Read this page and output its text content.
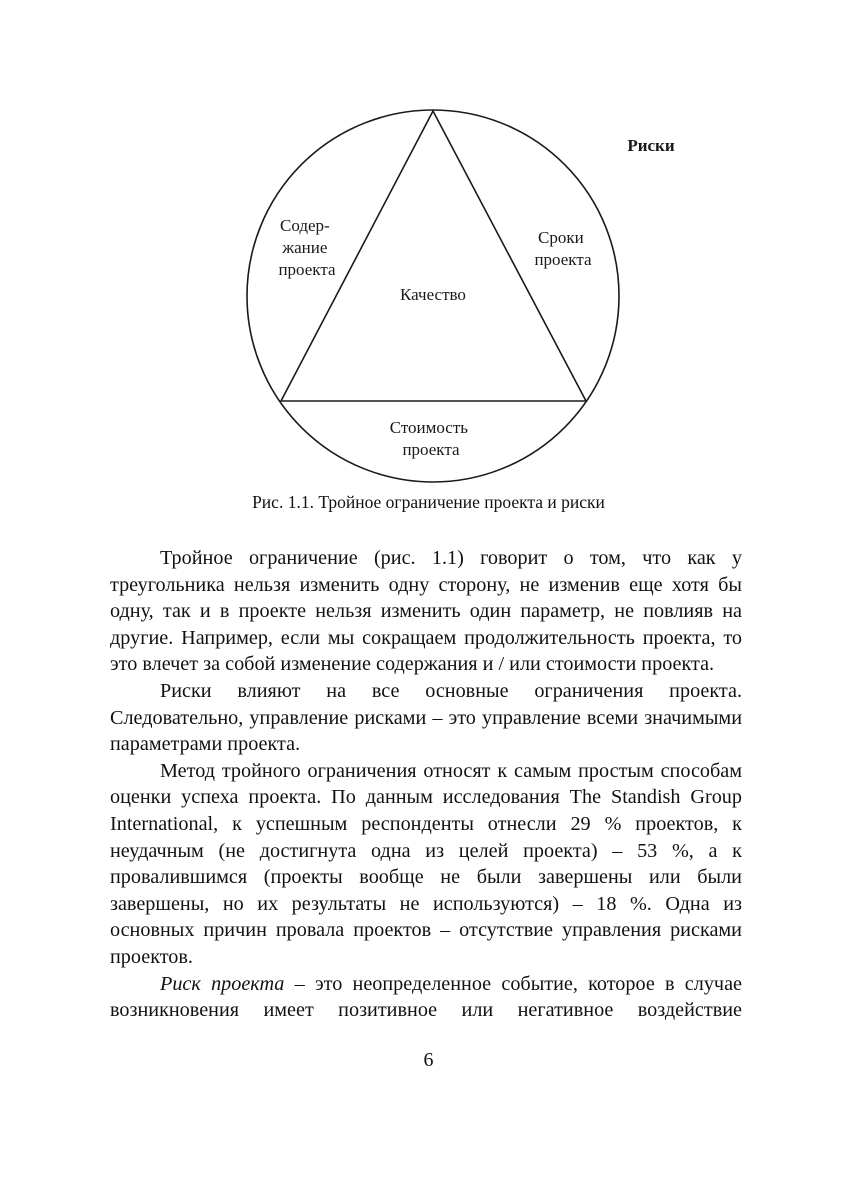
Риски
Содер- жание проекта
Сроки проекта
Качество
Стоимость проекта
Рис. 1.1. Тройное ограничение проекта и риски

Тройное ограничение (рис. 1.1) говорит о том, что как у треугольника нельзя изменить одну сторону, не изменив еще хотя бы одну, так и в проекте нельзя изменить один параметр, не повлияв на другие. Например, если мы сокращаем продолжительность проекта, то это влечет за собой изменение содержания и / или стоимости проекта.

Риски влияют на все основные ограничения проекта. Следовательно, управление рисками – это управление всеми значимыми параметрами проекта.

Метод тройного ограничения относят к самым простым способам оценки успеха проекта. По данным исследования The Standish Group International, к успешным респонденты отнесли 29 % проектов, к неудачным (не достигнута одна из целей проекта) – 53 %, а к провалившимся (проекты вообще не были завершены или были завершены, но их результаты не используются) – 18 %. Одна из основных причин провала проектов – отсутствие управления рисками проектов.

Риск проекта – это неопределенное событие, которое в случае возникновения имеет позитивное или негативное воздействие

6
